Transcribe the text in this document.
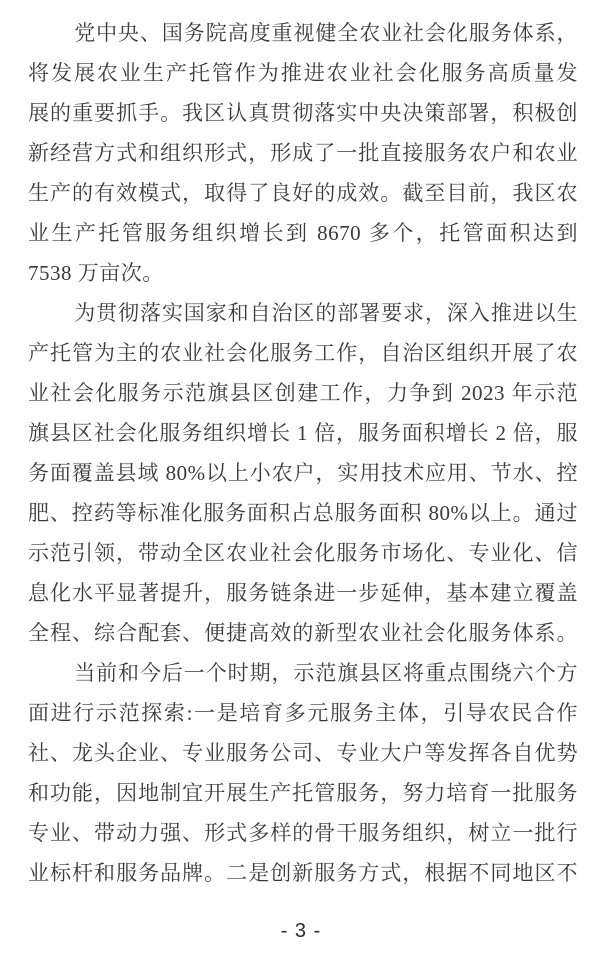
党中央、国务院高度重视健全农业社会化服务体系，
将发展农业生产托管作为推进农业社会化服务高质量发
展的重要抓手。我区认真贯彻落实中央决策部署，积极创
新经营方式和组织形式，形成了一批直接服务农户和农业
生产的有效模式，取得了良好的成效。截至目前，我区农
业生产托管服务组织增长到 8670 多个，托管面积达到
7538 万亩次。
为贯彻落实国家和自治区的部署要求，深入推进以生
产托管为主的农业社会化服务工作，自治区组织开展了农
业社会化服务示范旗县区创建工作，力争到 2023 年示范
旗县区社会化服务组织增长 1 倍，服务面积增长 2 倍，服
务面覆盖县域 80%以上小农户，实用技术应用、节水、控
肥、控药等标准化服务面积占总服务面积 80%以上。通过
示范引领，带动全区农业社会化服务市场化、专业化、信
息化水平显著提升，服务链条进一步延伸，基本建立覆盖
全程、综合配套、便捷高效的新型农业社会化服务体系。
当前和今后一个时期，示范旗县区将重点围绕六个方
面进行示范探索:一是培育多元服务主体，引导农民合作
社、龙头企业、专业服务公司、专业大户等发挥各自优势
和功能，因地制宜开展生产托管服务，努力培育一批服务
专业、带动力强、形式多样的骨干服务组织，树立一批行
业标杆和服务品牌。二是创新服务方式，根据不同地区不
- 3 -
